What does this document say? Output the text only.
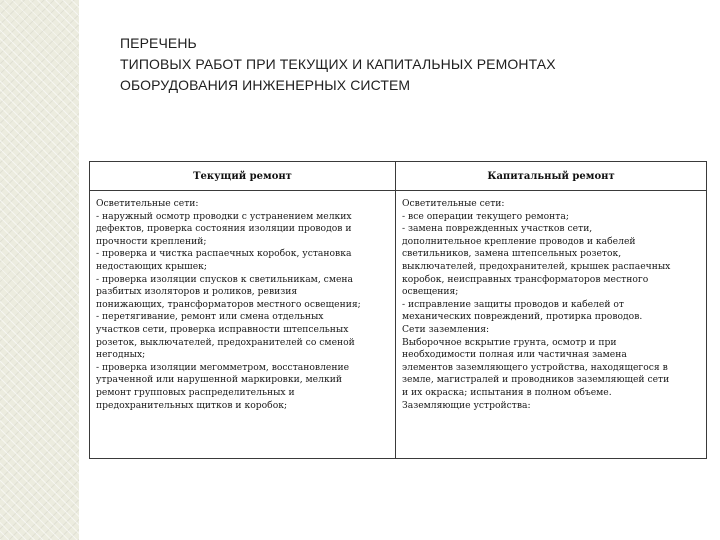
ПЕРЕЧЕНЬ
ТИПОВЫХ РАБОТ ПРИ ТЕКУЩИХ И КАПИТАЛЬНЫХ РЕМОНТАХ
ОБОРУДОВАНИЯ ИНЖЕНЕРНЫХ СИСТЕМ
Текущий ремонт	Капитальный ремонт
Осветительные сети:
- наружный осмотр проводки с устранением мелких
дефектов, проверка состояния изоляции проводов и
прочности креплений;
- проверка и чистка распаечных коробок, установка
недостающих крышек;
- проверка изоляции спусков к светильникам, смена
разбитых изоляторов и роликов, ревизия
понижающих, трансформаторов местного освещения;
- перетягивание, ремонт или смена отдельных
участков сети, проверка исправности штепсельных
розеток, выключателей, предохранителей со сменой
негодных;
- проверка изоляции мегомметром, восстановление
утраченной или нарушенной маркировки, мелкий
ремонт групповых распределительных и
предохранительных щитков и коробок;
Осветительные сети:
- все операции текущего ремонта;
- замена поврежденных участков сети,
дополнительное крепление проводов и кабелей
светильников, замена штепсельных розеток,
выключателей, предохранителей, крышек распаечных
коробок, неисправных трансформаторов местного
освещения;
- исправление защиты проводов и кабелей от
механических повреждений, протирка проводов.
Сети заземления:
Выборочное вскрытие грунта, осмотр и при
необходимости полная или частичная замена
элементов заземляющего устройства, находящегося в
земле, магистралей и проводников заземляющей сети
и их окраска; испытания в полном объеме.
Заземляющие устройства:
